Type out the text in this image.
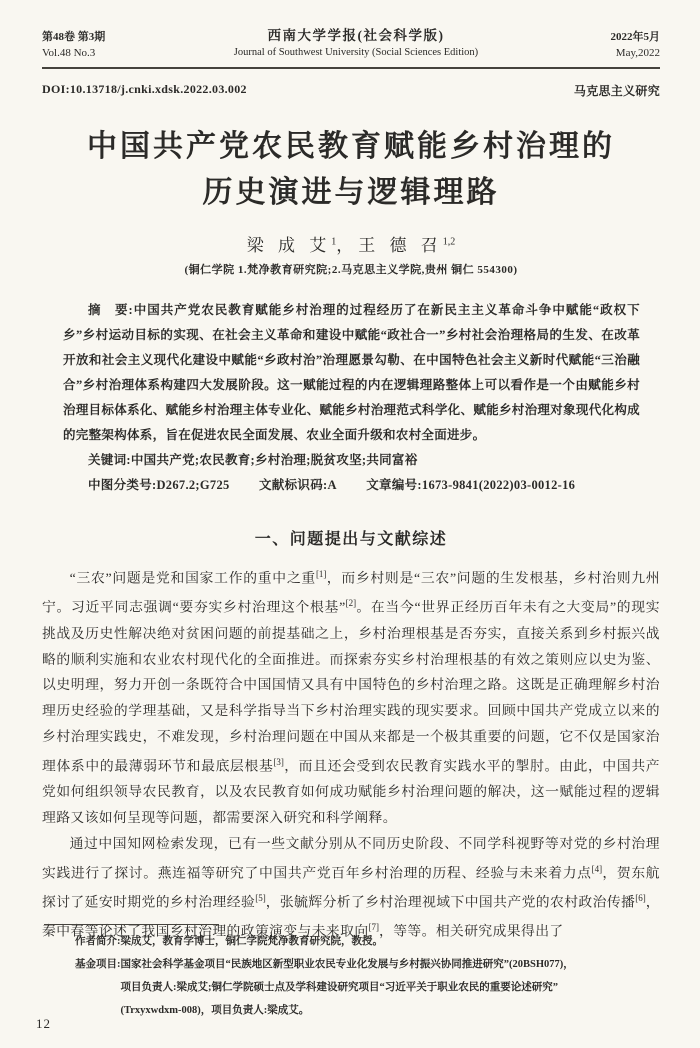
第48卷 第3期
Vol.48 No.3
西南大学学报(社会科学版)
Journal of Southwest University (Social Sciences Edition)
2022年5月
May,2022
DOI:10.13718/j.cnki.xdsk.2022.03.002	马克思主义研究
中国共产党农民教育赋能乡村治理的
历史演进与逻辑理路
梁 成 艾$^1$，王 德 召$^{1,2}$
(铜仁学院 1.梵净教育研究院;2.马克思主义学院,贵州 铜仁 554300)

摘　要:中国共产党农民教育赋能乡村治理的过程经历了在新民主主义革命斗争中赋能“政权下乡”乡村运动目标的实现、在社会主义革命和建设中赋能“政社合一”乡村社会治理格局的生发、在改革开放和社会主义现代化建设中赋能“乡政村治”治理愿景勾勒、在中国特色社会主义新时代赋能“三治融合”乡村治理体系构建四大发展阶段。这一赋能过程的内在逻辑理路整体上可以看作是一个由赋能乡村治理目标体系化、赋能乡村治理主体专业化、赋能乡村治理范式科学化、赋能乡村治理对象现代化构成的完整架构体系，旨在促进农民全面发展、农业全面升级和农村全面进步。

关键词:中国共产党;农民教育;乡村治理;脱贫攻坚;共同富裕

中图分类号:D267.2;G725 文献标识码:A 文章编号:1673-9841(2022)03-0012-16

一、问题提出与文献综述

“三农”问题是党和国家工作的重中之重[1]，而乡村则是“三农”问题的生发根基，乡村治则九州宁。习近平同志强调“要夯实乡村治理这个根基”[2]。在当今“世界正经历百年未有之大变局”的现实挑战及历史性解决绝对贫困问题的前提基础之上，乡村治理根基是否夯实，直接关系到乡村振兴战略的顺利实施和农业农村现代化的全面推进。而探索夯实乡村治理根基的有效之策则应以史为鉴、以史明理，努力开创一条既符合中国国情又具有中国特色的乡村治理之路。这既是正确理解乡村治理历史经验的学理基础，又是科学指导当下乡村治理实践的现实要求。回顾中国共产党成立以来的乡村治理实践史，不难发现，乡村治理问题在中国从来都是一个极其重要的问题，它不仅是国家治理体系中的最薄弱环节和最底层根基[3]，而且还会受到农民教育实践水平的掣肘。由此，中国共产党如何组织领导农民教育，以及农民教育如何成功赋能乡村治理问题的解决，这一赋能过程的逻辑理路又该如何呈现等问题，都需要深入研究和科学阐释。

通过中国知网检索发现，已有一些文献分别从不同历史阶段、不同学科视野等对党的乡村治理实践进行了探讨。燕连福等研究了中国共产党百年乡村治理的历程、经验与未来着力点[4]，贺东航探讨了延安时期党的乡村治理经验[5]，张毓辉分析了乡村治理视域下中国共产党的农村政治传播[6]，秦中春等论述了我国乡村治理的政策演变与未来取向[7]，等等。相关研究成果得出了

作者简介: 梁成艾，教育学博士，铜仁学院梵净教育研究院，教授。
基金项目: 国家社会科学基金项目“民族地区新型职业农民专业化发展与乡村振兴协同推进研究”(20BSH077)，
项目负责人:梁成艾;铜仁学院硕士点及学科建设研究项目“习近平关于职业农民的重要论述研究”
(Trxyxwdxm-008)，项目负责人:梁成艾。
12
